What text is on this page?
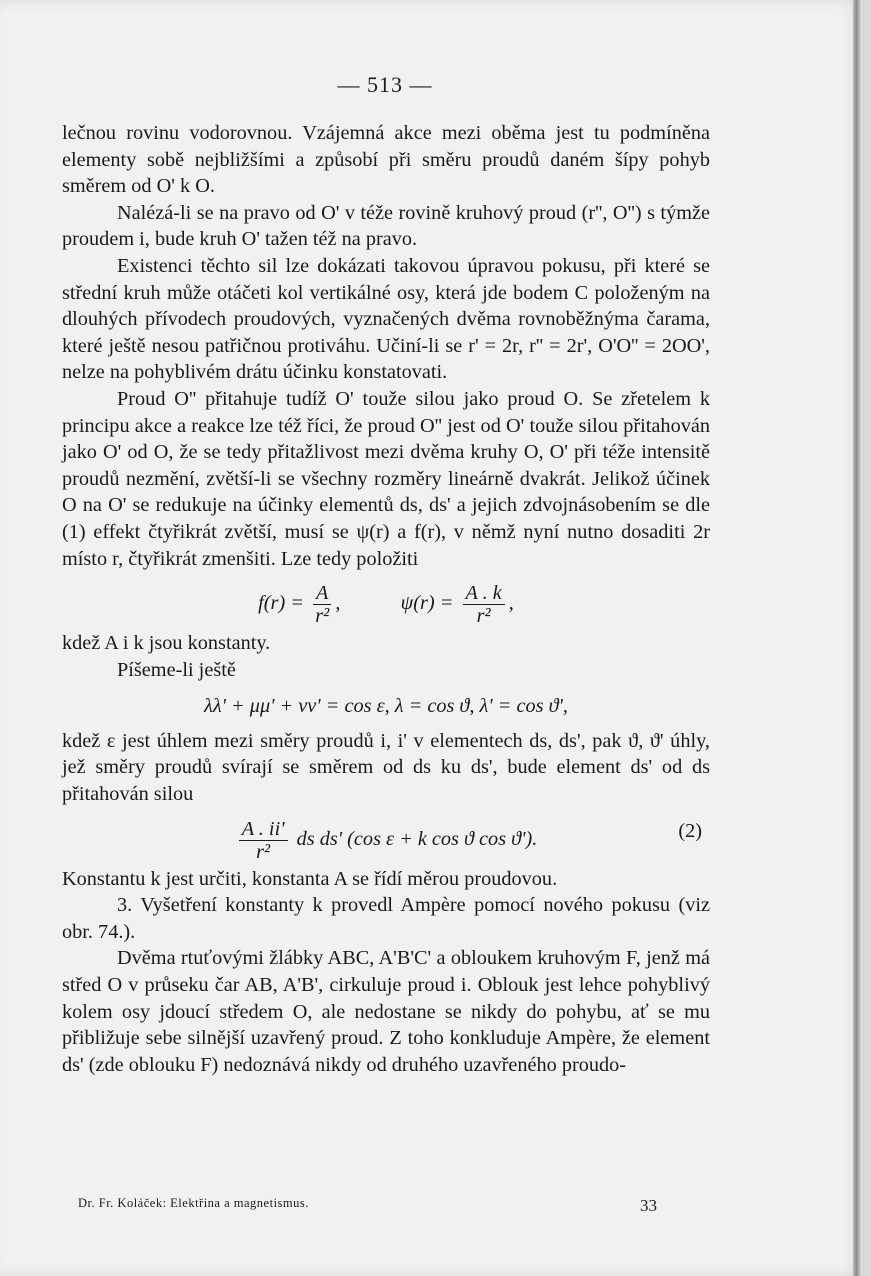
— 513 —

lečnou rovinu vodorovnou. Vzájemná akce mezi oběma jest tu podmíněna elementy sobě nejbližšími a způsobí při směru proudů daném šípy pohyb směrem od O' k O.

Nalézá-li se na pravo od O' v téže rovině kruhový proud (r'', O'') s týmže proudem i, bude kruh O' tažen též na pravo.

Existenci těchto sil lze dokázati takovou úpravou pokusu, při které se střední kruh může otáčeti kol vertikálné osy, která jde bodem C položeným na dlouhých přívodech proudových, vyznačených dvěma rovnoběžnýma čarama, které ještě nesou patřičnou protiváhu. Učiní-li se r' = 2r, r'' = 2r', O'O'' = 2OO', nelze na pohyblivém drátu účinku konstatovati.

Proud O'' přitahuje tudíž O' touže silou jako proud O. Se zřetelem k principu akce a reakce lze též říci, že proud O'' jest od O' touže silou přitahován jako O' od O, že se tedy přitažlivost mezi dvěma kruhy O, O' při téže intensitě proudů nezmění, zvětší-li se všechny rozměry lineárně dvakrát. Jelikož účinek O na O' se redukuje na účinky elementů ds, ds' a jejich zdvojnásobením se dle (1) effekt čtyřikrát zvětší, musí se ψ(r) a f(r), v němž nyní nutno dosaditi 2r místo r, čtyřikrát zmenšiti. Lze tedy položiti

$f(r) = \frac{A}{\text{r²}}$ ,	$\psi(r) = \frac{A . k}{\text{r²}}$ ,

kdež A i k jsou konstanty.

Píšeme-li ještě

λλ' + μμ' + νν' = cos ε, λ = cos ϑ, λ' = cos ϑ',

kdež ε jest úhlem mezi směry proudů i, i' v elementech ds, ds', pak ϑ, ϑ' úhly, jež směry proudů svírají se směrem od ds ku ds', bude element ds' od ds přitahován silou

$\frac{A . ii'}{\text{r²}}$ ds ds' (cos ε + k cos ϑ cos ϑ').	(2)

Konstantu k jest určiti, konstanta A se řídí měrou proudovou.

3. Vyšetření konstanty k provedl Ampère pomocí nového pokusu (viz obr. 74.).

Dvěma rtuťovými žlábky ABC, A'B'C' a obloukem kruhovým F, jenž má střed O v průseku čar AB, A'B', cirkuluje proud i. Oblouk jest lehce pohyblivý kolem osy jdoucí středem O, ale nedostane se nikdy do pohybu, ať se mu přibližuje sebe silnější uzavřený proud. Z toho konkluduje Ampère, že element ds' (zde oblouku F) nedoznává nikdy od druhého uzavřeného proudo-

Dr. Fr. Koláček: Elektřina a magnetismus.	33
